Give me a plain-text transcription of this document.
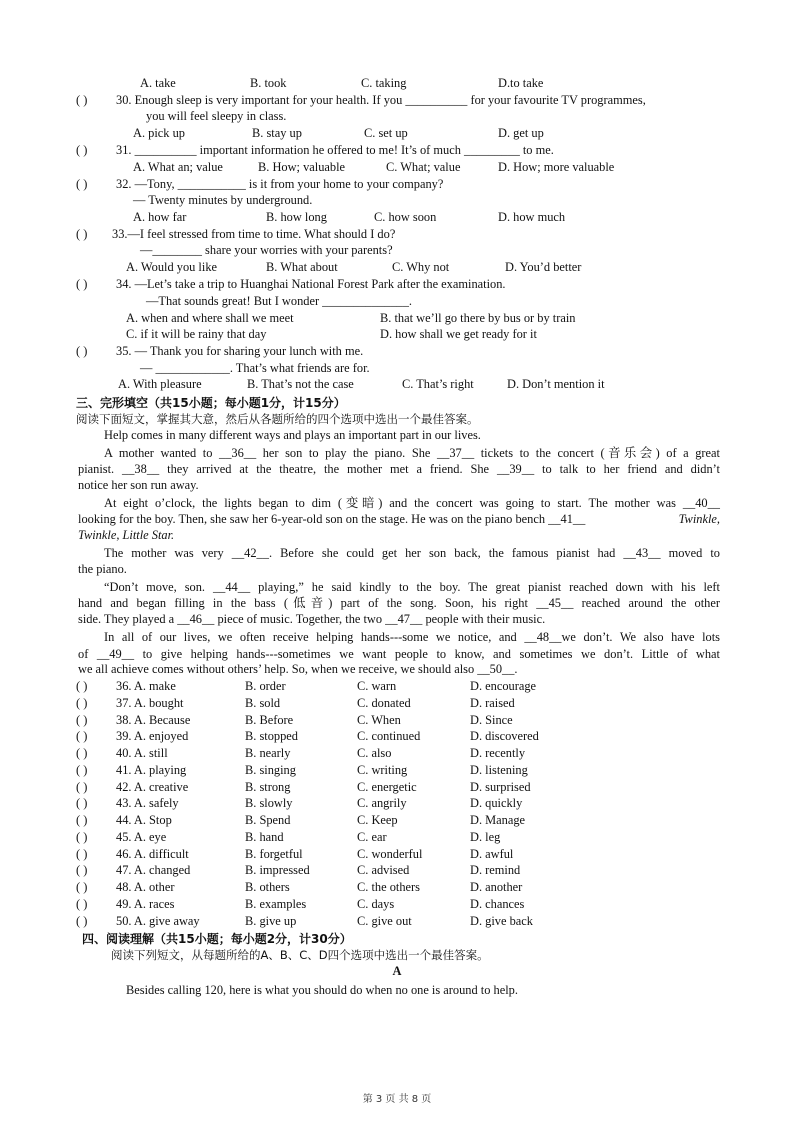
A. take	B. took	C. taking	D.to take
( ) 30. Enough sleep is very important for your health. If you __________ for your favourite TV programmes,
you will feel sleepy in class.
A. pick up	B. stay up	C. set up	D. get up
( ) 31. __________ important information he offered to me! It’s of much _________ to me.
A. What an; value	B. How; valuable	C. What; value	D. How; more valuable
( ) 32. —Tony, ___________ is it from your home to your company?
— Twenty minutes by underground.
A. how far	B. how long	C. how soon	D. how much
( ) 33.—I feel stressed from time to time. What should I do?
—________ share your worries with your parents?
A. Would you like	B. What about	C. Why not	D. You’d better
( ) 34. —Let’s take a trip to Huanghai National Forest Park after the examination.
—That sounds great! But I wonder ______________.
A. when and where shall we meet	B. that we’ll go there by bus or by train
C. if it will be rainy that day	D. how shall we get ready for it
( ) 35. — Thank you for sharing your lunch with me.
— ____________. That’s what friends are for.
A. With pleasure	B. That’s not the case	C. That’s right	D. Don’t mention it
三、完形填空（共15小题；每小题1分，计15分）
阅读下面短文，掌握其大意，然后从各题所给的四个选项中选出一个最佳答案。
Help comes in many different ways and plays an important part in our lives.
A mother wanted to __36__ her son to play the piano. She __37__ tickets to the concert (音乐会) of a great
pianist. __38__ they arrived at the theatre, the mother met a friend. She __39__ to talk to her friend and didn’t
notice her son run away.
At eight o’clock, the lights began to dim (变暗) and the concert was going to start. The mother was __40__
looking for the boy. Then, she saw her 6-year-old son on the stage. He was on the piano bench __41__	Twinkle,
Twinkle, Little Star.
The mother was very __42__. Before she could get her son back, the famous pianist had __43__ moved to
the piano.
“Don’t move, son. __44__ playing,” he said kindly to the boy. The great pianist reached down with his left
hand and began filling in the bass (低音) part of the song. Soon, his right __45__ reached around the other
side. They played a __46__ piece of music. Together, the two __47__ people with their music.
In all of our lives, we often receive helping hands---some we notice, and __48__we don’t. We also have lots
of __49__ to give helping hands---sometimes we want people to know, and sometimes we don’t. Little of what
we all achieve comes without others’ help. So, when we receive, we should also __50__.
( ) 36. A. make	B. order	C. warn	D. encourage
( ) 37. A. bought	B. sold	C. donated	D. raised
( ) 38. A. Because	B. Before	C. When	D. Since
( ) 39. A. enjoyed	B. stopped	C. continued	D. discovered
( ) 40. A. still	B. nearly	C. also	D. recently
( ) 41. A. playing	B. singing	C. writing	D. listening
( ) 42. A. creative	B. strong	C. energetic	D. surprised
( ) 43. A. safely	B. slowly	C. angrily	D. quickly
( ) 44. A. Stop	B. Spend	C. Keep	D. Manage
( ) 45. A. eye	B. hand	C. ear	D. leg
( ) 46. A. difficult	B. forgetful	C. wonderful	D. awful
( ) 47. A. changed	B. impressed	C. advised	D. remind
( ) 48. A. other	B. others	C. the others	D. another
( ) 49. A. races	B. examples	C. days	D. chances
( ) 50. A. give away	B. give up	C. give out	D. give back
四、阅读理解（共15小题；每小题2分，计30分）
阅读下列短文，从每题所给的A、B、C、D四个选项中选出一个最佳答案。
A
Besides calling 120, here is what you should do when no one is around to help.
第 3 页 共 8 页
